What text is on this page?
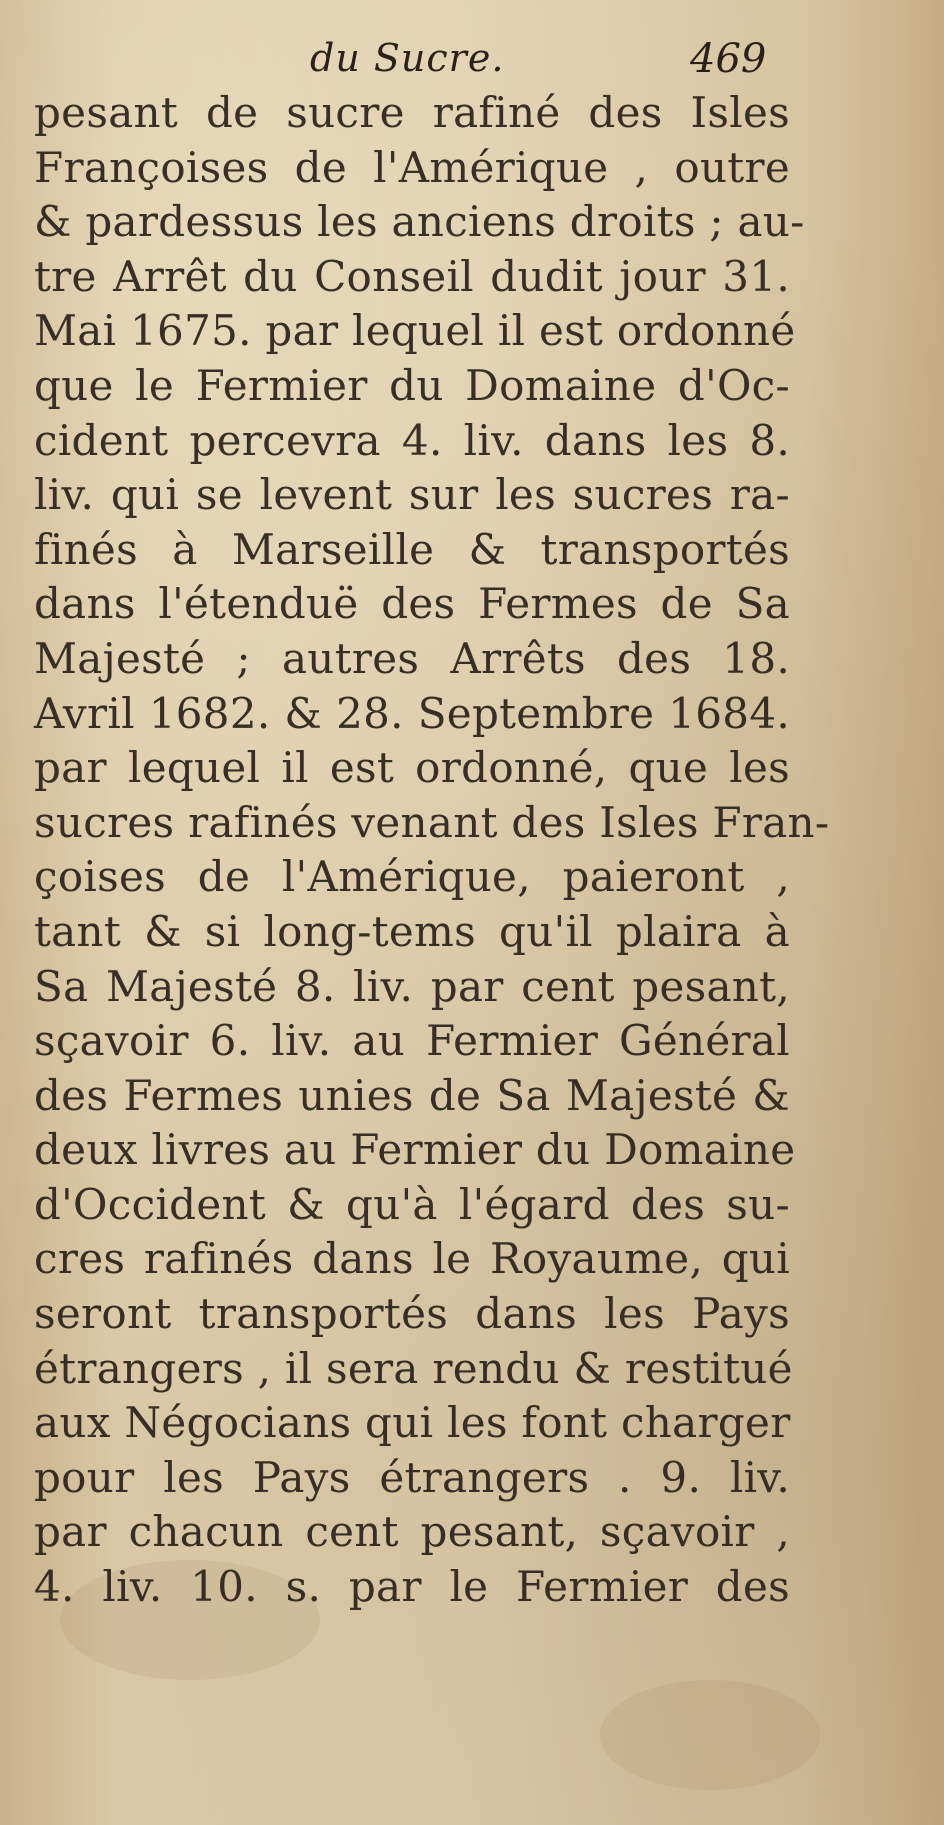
du Sucre.	469
pesant de sucre rafiné des Isles
Françoises de l'Amérique , outre
& pardessus les anciens droits ; au-
tre Arrêt du Conseil dudit jour 31.
Mai 1675. par lequel il est ordonné
que le Fermier du Domaine d'Oc-
cident percevra 4. liv. dans les 8.
liv. qui se levent sur les sucres ra-
finés à Marseille & transportés
dans l'étenduë des Fermes de Sa
Majesté ; autres Arrêts des 18.
Avril 1682. & 28. Septembre 1684.
par lequel il est ordonné, que les
sucres rafinés venant des Isles Fran-
çoises de l'Amérique, paieront ,
tant & si long-tems qu'il plaira à
Sa Majesté 8. liv. par cent pesant,
sçavoir 6. liv. au Fermier Général
des Fermes unies de Sa Majesté &
deux livres au Fermier du Domaine
d'Occident & qu'à l'égard des su-
cres rafinés dans le Royaume, qui
seront transportés dans les Pays
étrangers , il sera rendu & restitué
aux Négocians qui les font charger
pour les Pays étrangers . 9. liv.
par chacun cent pesant, sçavoir ,
4. liv. 10. s. par le Fermier des
